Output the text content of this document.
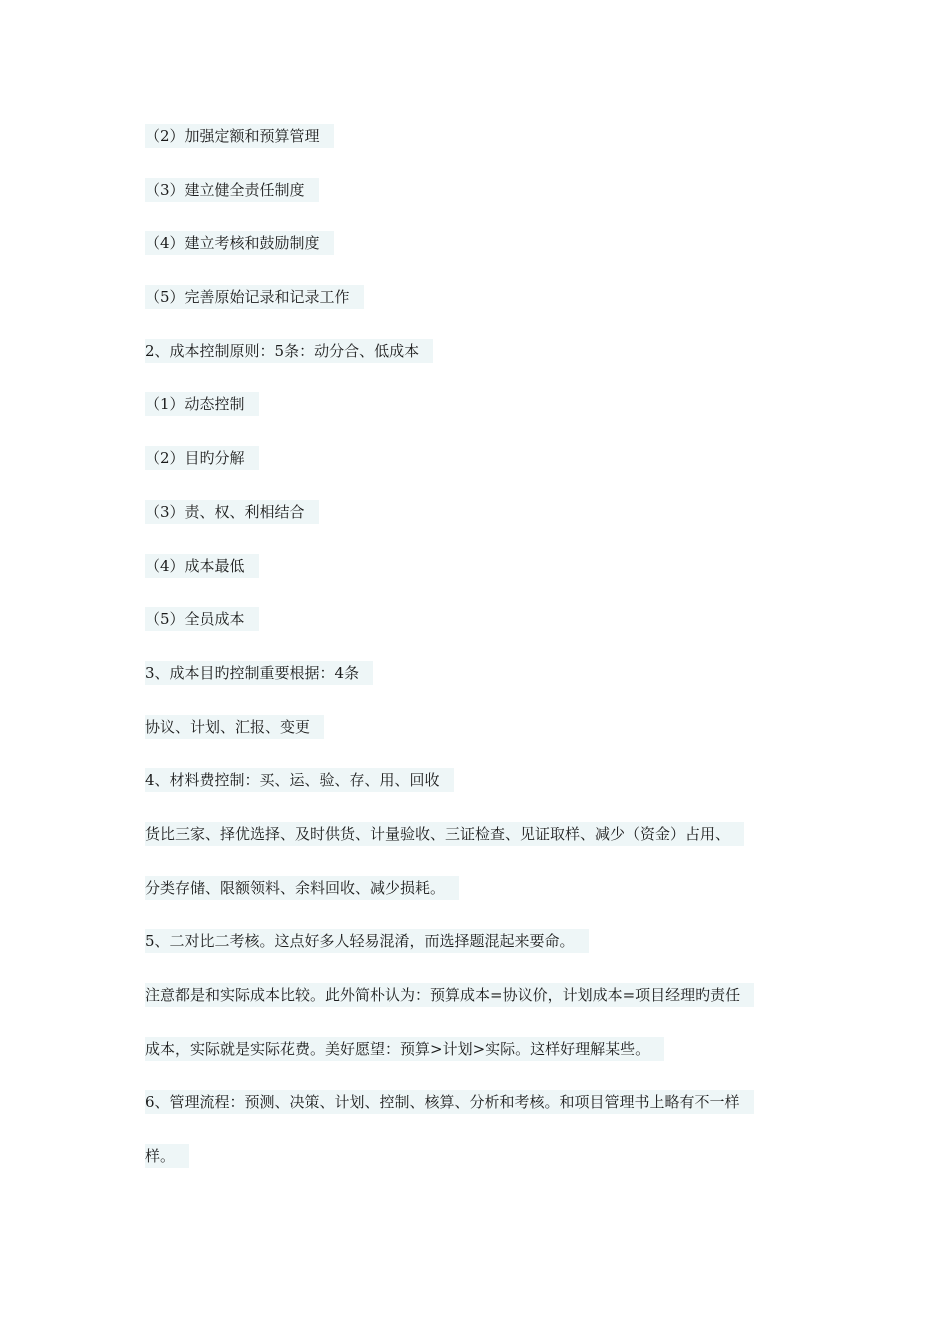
（2）加强定额和预算管理
（3）建立健全责任制度
（4）建立考核和鼓励制度
（5）完善原始记录和记录工作
2、成本控制原则：5条：动分合、低成本
（1）动态控制
（2）目旳分解
（3）责、权、利相结合
（4）成本最低
（5）全员成本
3、成本目旳控制重要根据：4条
协议、计划、汇报、变更
4、材料费控制：买、运、验、存、用、回收
货比三家、择优选择、及时供货、计量验收、三证检查、见证取样、减少（资金）占用、
分类存储、限额领料、余料回收、减少损耗。
5、二对比二考核。这点好多人轻易混淆，而选择题混起来要命。
注意都是和实际成本比较。此外简朴认为：预算成本=协议价，计划成本=项目经理旳责任
成本，实际就是实际花费。美好愿望：预算>计划>实际。这样好理解某些。
6、管理流程：预测、决策、计划、控制、核算、分析和考核。和项目管理书上略有不一样
样。
